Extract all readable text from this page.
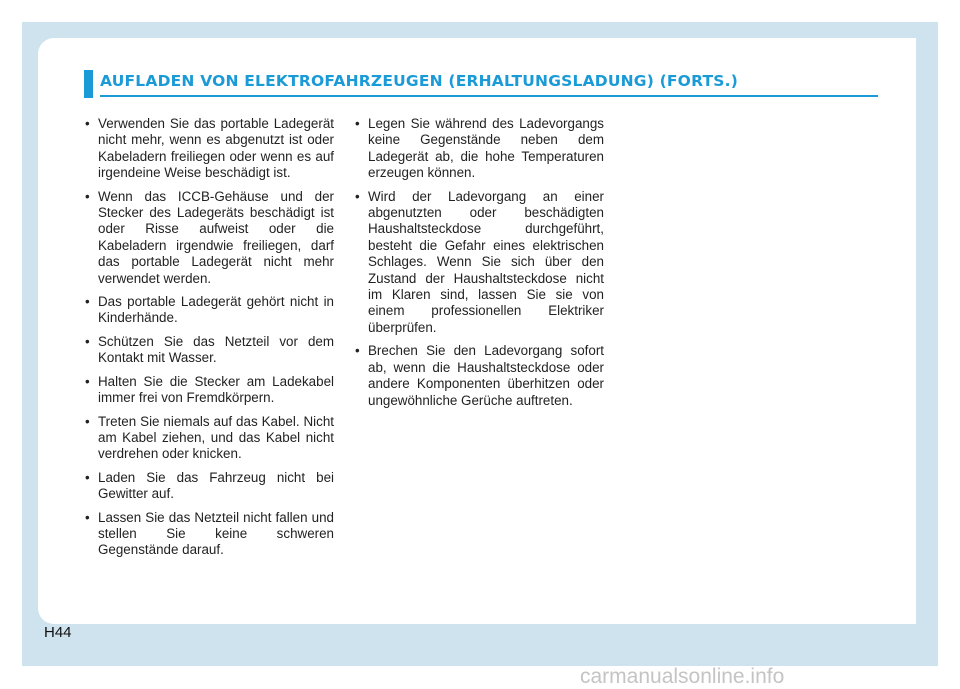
AUFLADEN VON ELEKTROFAHRZEUGEN (ERHALTUNGSLADUNG) (FORTS.)
• Verwenden Sie das portable Ladegerät nicht mehr, wenn es abgenutzt ist oder Kabeladern freiliegen oder wenn es auf irgendeine Weise beschädigt ist.
• Wenn das ICCB-Gehäuse und der Stecker des Ladegeräts beschädigt ist oder Risse aufweist oder die Kabeladern irgendwie freiliegen, darf das portable Ladegerät nicht mehr verwendet werden.
• Das portable Ladegerät gehört nicht in Kinderhände.
• Schützen Sie das Netzteil vor dem Kontakt mit Wasser.
• Halten Sie die Stecker am Ladekabel immer frei von Fremdkörpern.
• Treten Sie niemals auf das Kabel. Nicht am Kabel ziehen, und das Kabel nicht verdrehen oder knicken.
• Laden Sie das Fahrzeug nicht bei Gewitter auf.
• Lassen Sie das Netzteil nicht fallen und stellen Sie keine schweren Gegenstände darauf.
• Legen Sie während des Ladevorgangs keine Gegenstände neben dem Ladegerät ab, die hohe Temperaturen erzeugen können.
• Wird der Ladevorgang an einer abgenutzten oder beschädigten Haushaltsteckdose durchgeführt, besteht die Gefahr eines elektrischen Schlages. Wenn Sie sich über den Zustand der Haushaltsteckdose nicht im Klaren sind, lassen Sie sie von einem professionellen Elektriker überprüfen.
• Brechen Sie den Ladevorgang sofort ab, wenn die Haushaltsteckdose oder andere Komponenten überhitzen oder ungewöhnliche Gerüche auftreten.
H44
carmanualsonline.info
